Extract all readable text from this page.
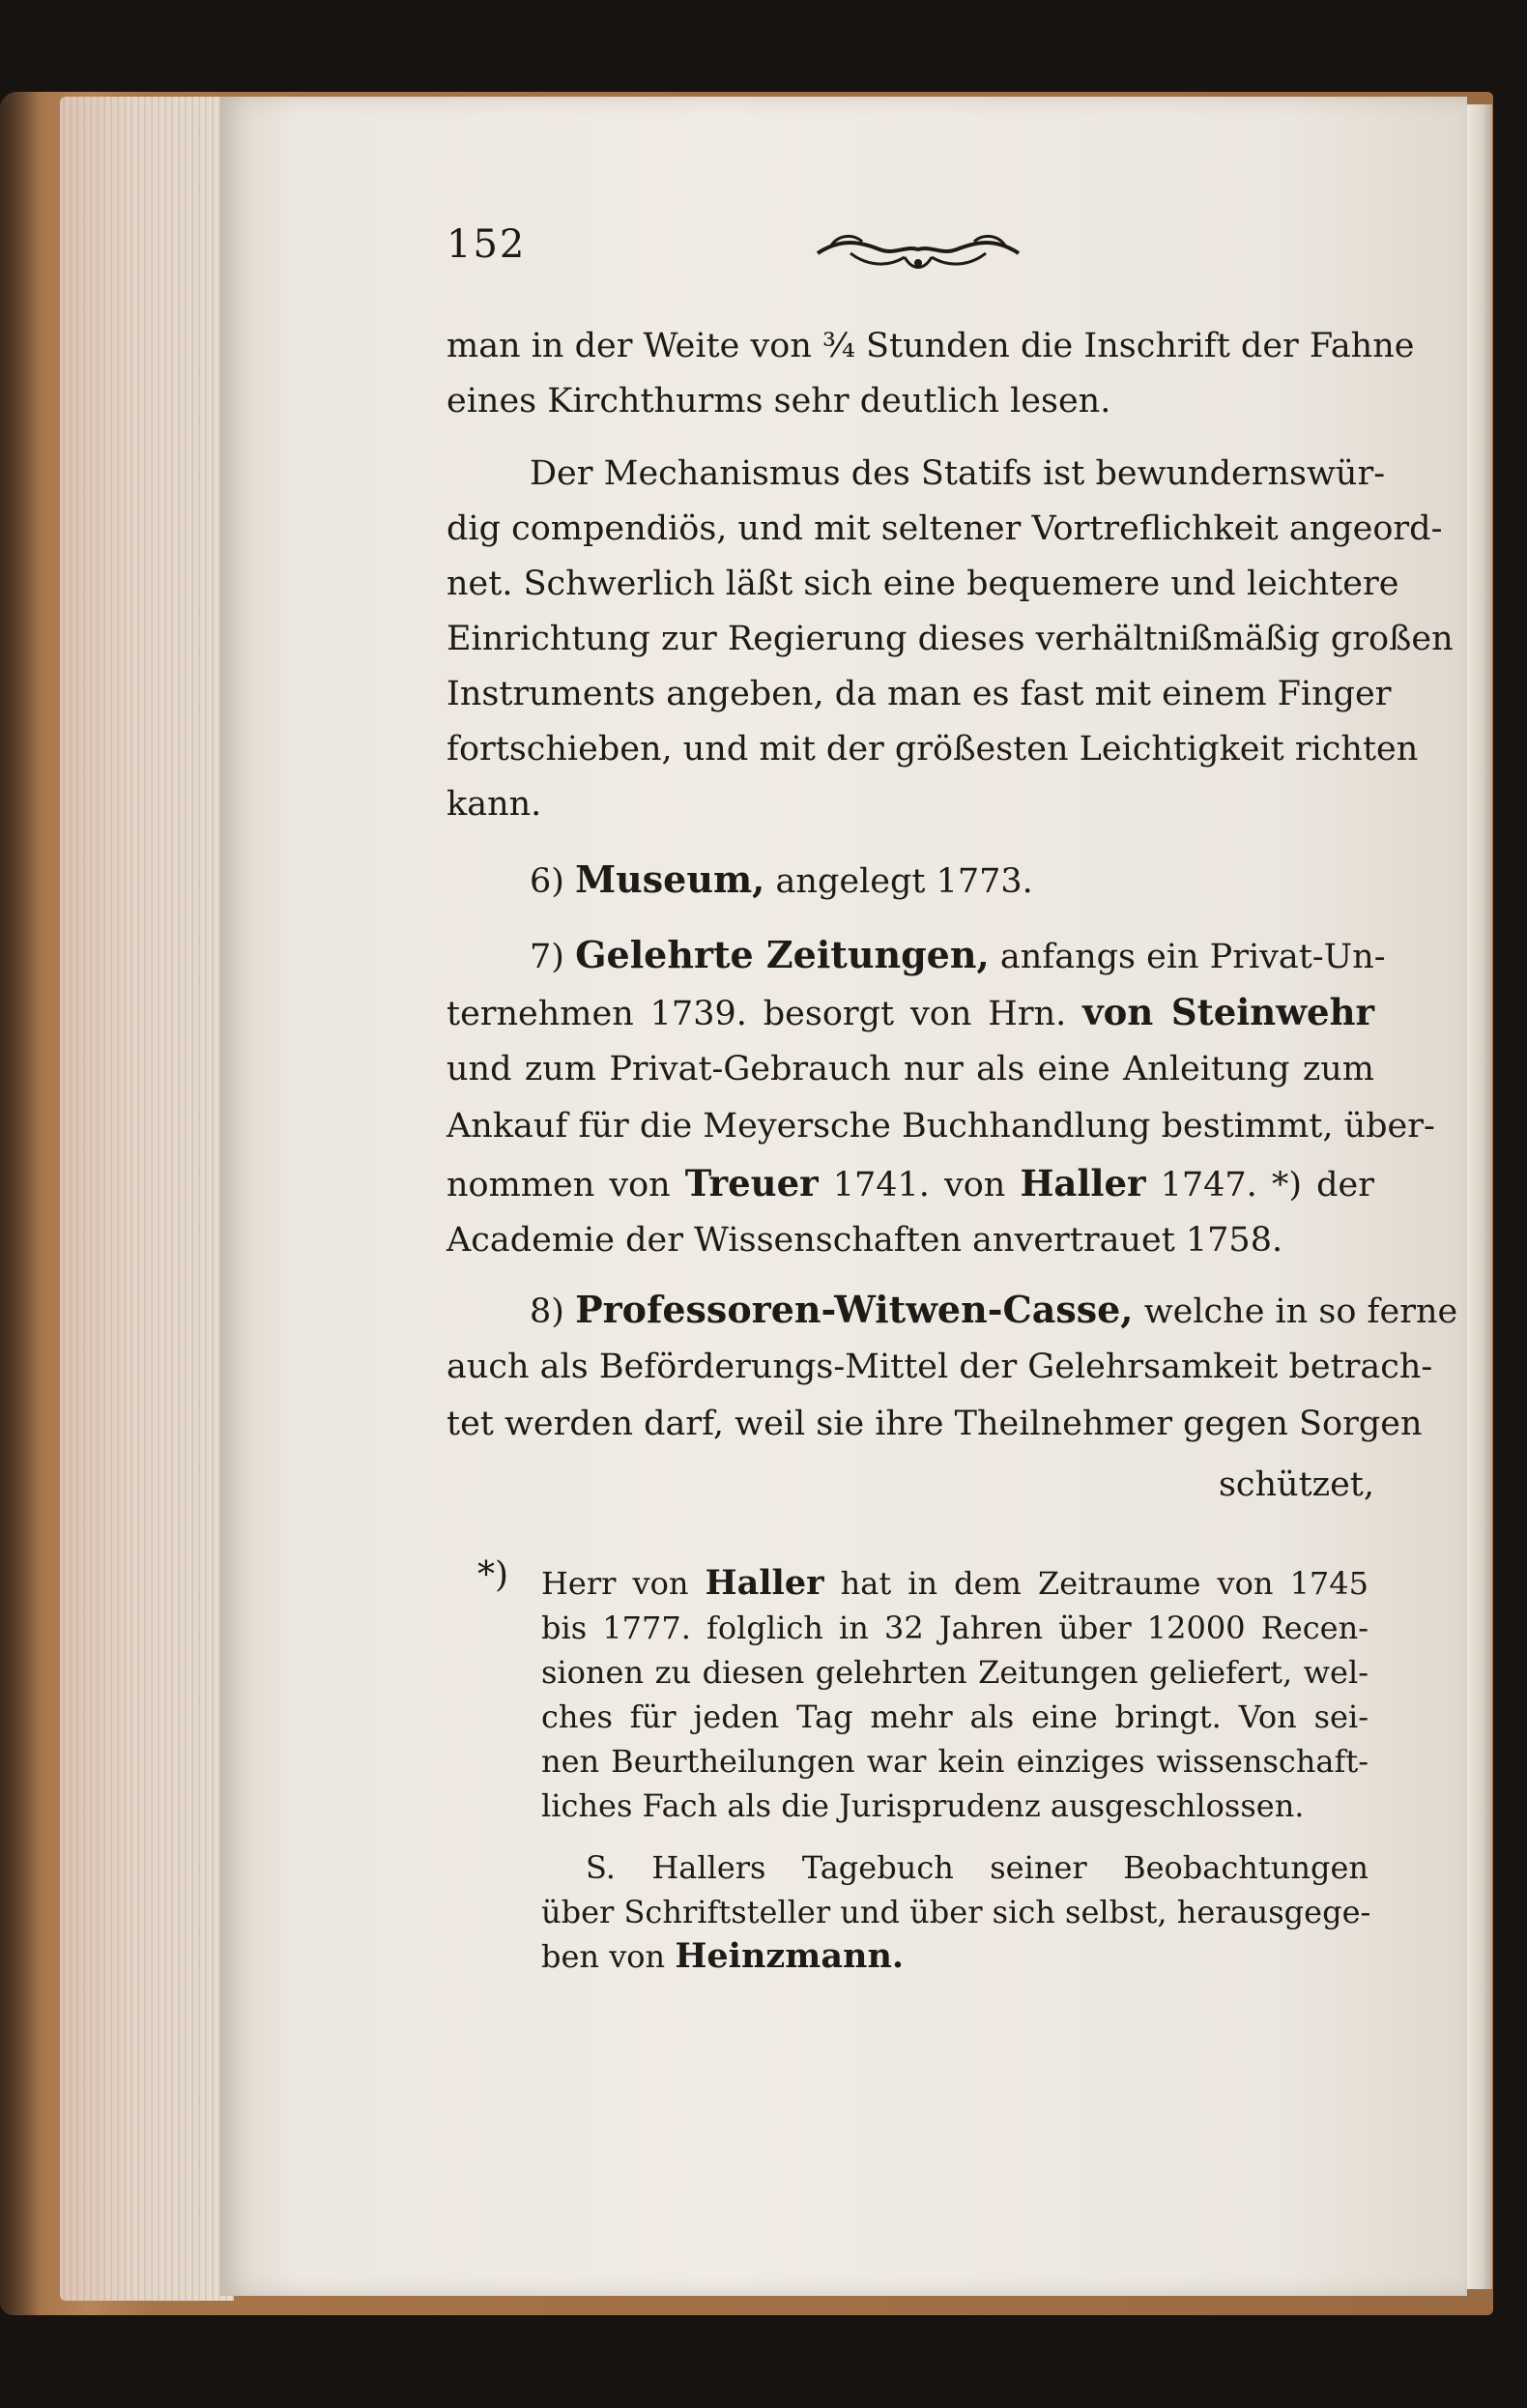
152
man in der Weite von ¾ Stunden die Inschrift der Fahne
eines Kirchthurms sehr deutlich lesen.
Der Mechanismus des Statifs ist bewundernswür-
dig compendiös, und mit seltener Vortreflichkeit angeord-
net. Schwerlich läßt sich eine bequemere und leichtere
Einrichtung zur Regierung dieses verhältnißmäßig großen
Instruments angeben, da man es fast mit einem Finger
fortschieben, und mit der größesten Leichtigkeit richten
kann.
6) Museum, angelegt 1773.
7) Gelehrte Zeitungen, anfangs ein Privat-Un-
ternehmen 1739. besorgt von Hrn. von Steinwehr
und zum Privat-Gebrauch nur als eine Anleitung zum
Ankauf für die Meyersche Buchhandlung bestimmt, über-
nommen von Treuer 1741. von Haller 1747. *) der
Academie der Wissenschaften anvertrauet 1758.
8) Professoren-Witwen-Casse, welche in so ferne
auch als Beförderungs-Mittel der Gelehrsamkeit betrach-
tet werden darf, weil sie ihre Theilnehmer gegen Sorgen
schützet,
*)	Herr von Haller hat in dem Zeitraume von 1745
bis 1777. folglich in 32 Jahren über 12000 Recen-
sionen zu diesen gelehrten Zeitungen geliefert, wel-
ches für jeden Tag mehr als eine bringt. Von sei-
nen Beurtheilungen war kein einziges wissenschaft-
liches Fach als die Jurisprudenz ausgeschlossen.
S. Hallers Tagebuch seiner Beobachtungen
über Schriftsteller und über sich selbst, herausgege-
ben von Heinzmann.
